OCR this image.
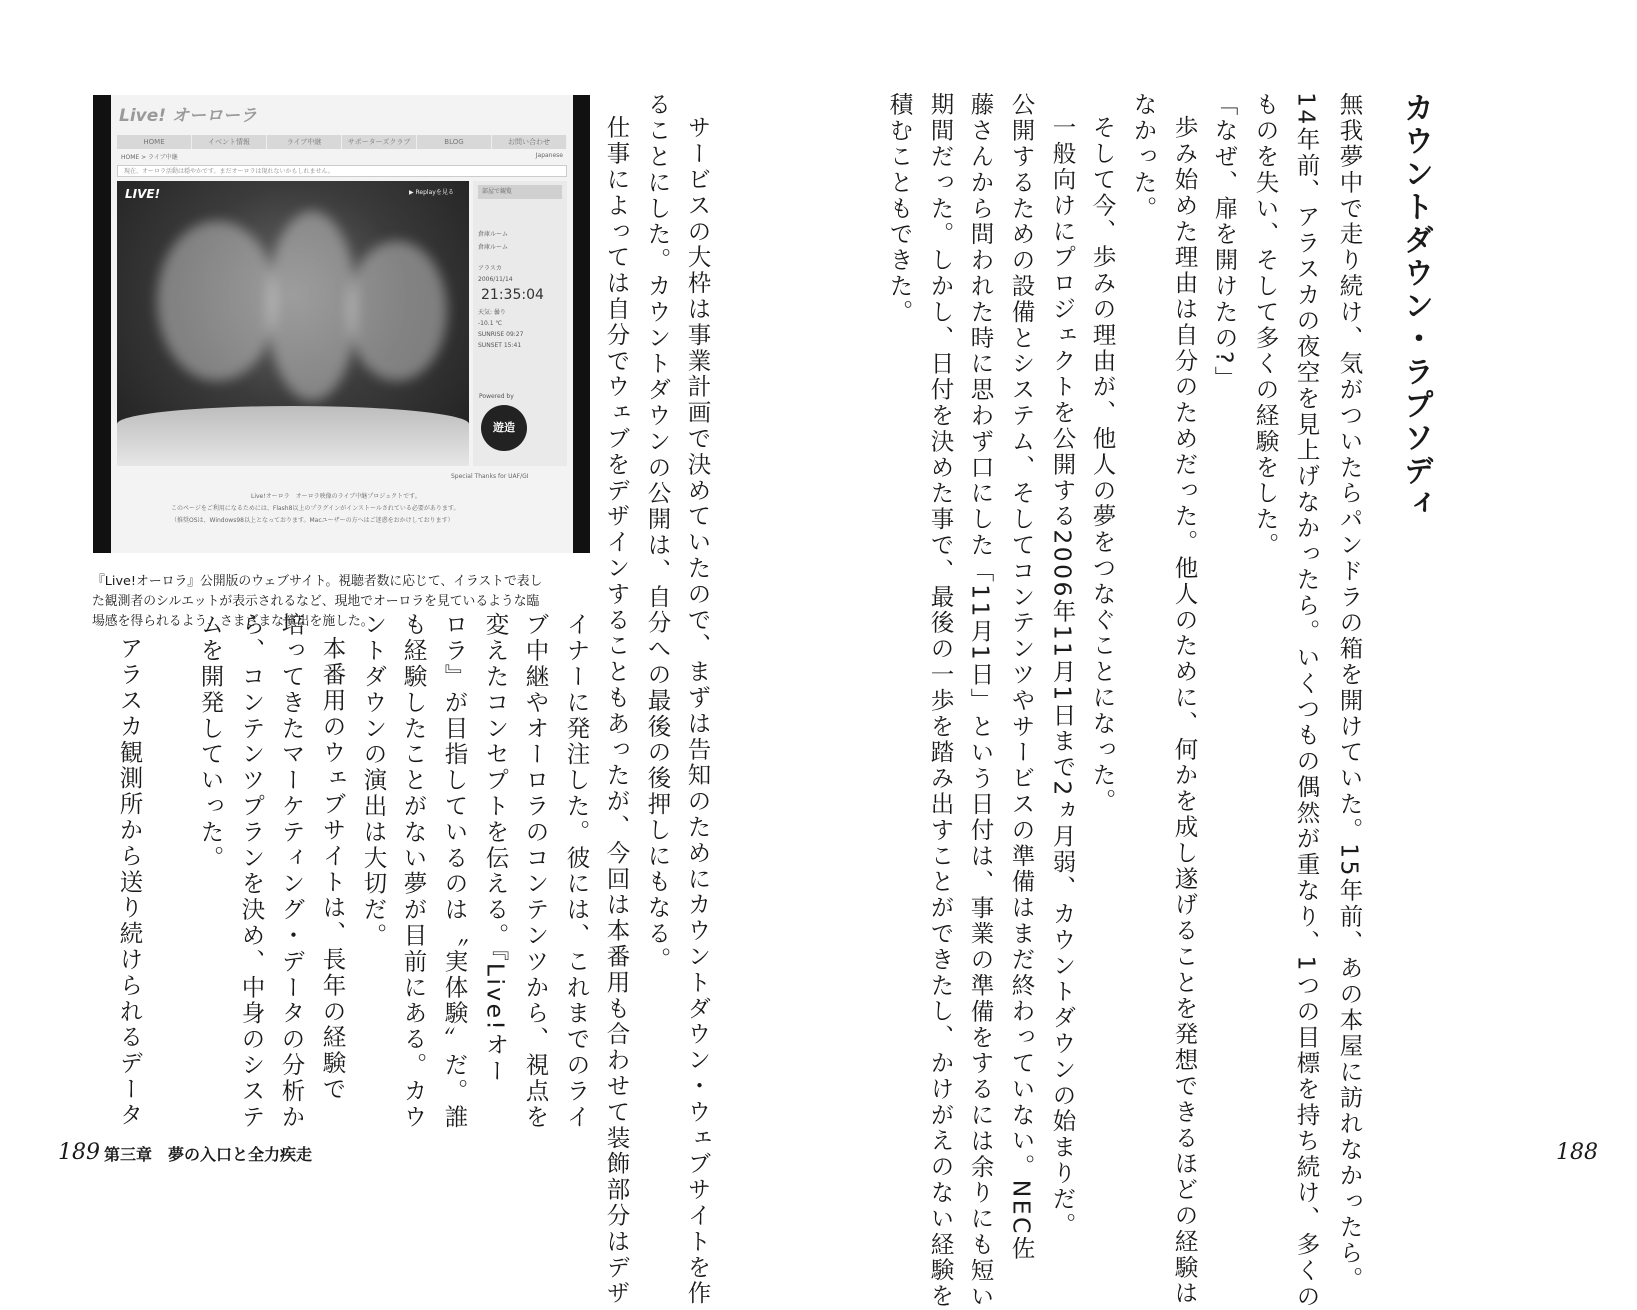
カウントダウン・ラプソディ
無我夢中で走り続け、気がついたらパンドラの箱を開けていた。15年前、あの本屋に訪れなかったら。
14年前、アラスカの夜空を見上げなかったら。いくつもの偶然が重なり、1つの目標を持ち続け、多くの
ものを失い、そして多くの経験をした。
「なぜ、扉を開けたの?」
歩み始めた理由は自分のためだった。他人のために、何かを成し遂げることを発想できるほどの経験は
なかった。
そして今、歩みの理由が、他人の夢をつなぐことになった。
一般向けにプロジェクトを公開する2006年11月1日まで2ヵ月弱、カウントダウンの始まりだ。
公開するための設備とシステム、そしてコンテンツやサービスの準備はまだ終わっていない。NEC佐
藤さんから問われた時に思わず口にした「11月1日」という日付は、事業の準備をするには余りにも短い
期間だった。しかし、日付を決めた事で、最後の一歩を踏み出すことができたし、かけがえのない経験を
積むこともできた。
188
サービスの大枠は事業計画で決めていたので、まずは告知のためにカウントダウン・ウェブサイトを作
ることにした。カウントダウンの公開は、自分への最後の後押しにもなる。
仕事によっては自分でウェブをデザインすることもあったが、今回は本番用も合わせて装飾部分はデザ
Live! オーローラ
HOME	イベント情報	ライブ中継	サポーターズクラブ	BLOG	お問い合わせ
HOME > ライブ中継	Japanese
現在、オーロラ活動は穏やかです。まだオーロラは現れないかもしれません。
LIVE!	▶ Replayを見る	部屋で観覧
倉庫ルーム
倉庫ルーム
アラスカ
2006/11/14
21:35:04
天気: 曇り
-10.1 ℃
SUNRISE 09:27
SUNSET 15:41
Powered by
遊造
Special Thanks for UAF/GI
Live!オーロラ　オーロラ映像のライブ中継プロジェクトです。
このページをご利用になるためには、Flash8以上のプラグインがインストールされている必要があります。
（推奨OSは、Windows98以上となっております。Macユーザーの方へはご迷惑をおかけしております）
『Live!オーロラ』公開版のウェブサイト。視聴者数に応じて、イラストで表し
た観測者のシルエットが表示されるなど、現地でオーロラを見ているような臨
場感を得られるよう、さまざまな演出を施した。	イナーに発注した。彼には、これまでのライ
ブ中継やオーロラのコンテンツから、視点を
変えたコンセプトを伝える。『Live!オー
ロラ』が目指しているのは〝実体験〟だ。誰
も経験したことがない夢が目前にある。カウ
ントダウンの演出は大切だ。
本番用のウェブサイトは、長年の経験で
培ってきたマーケティング・データの分析か
ら、コンテンツプランを決め、中身のシステ
ムを開発していった。
アラスカ観測所から送り続けられるデータ
189 第三章　夢の入口と全力疾走
